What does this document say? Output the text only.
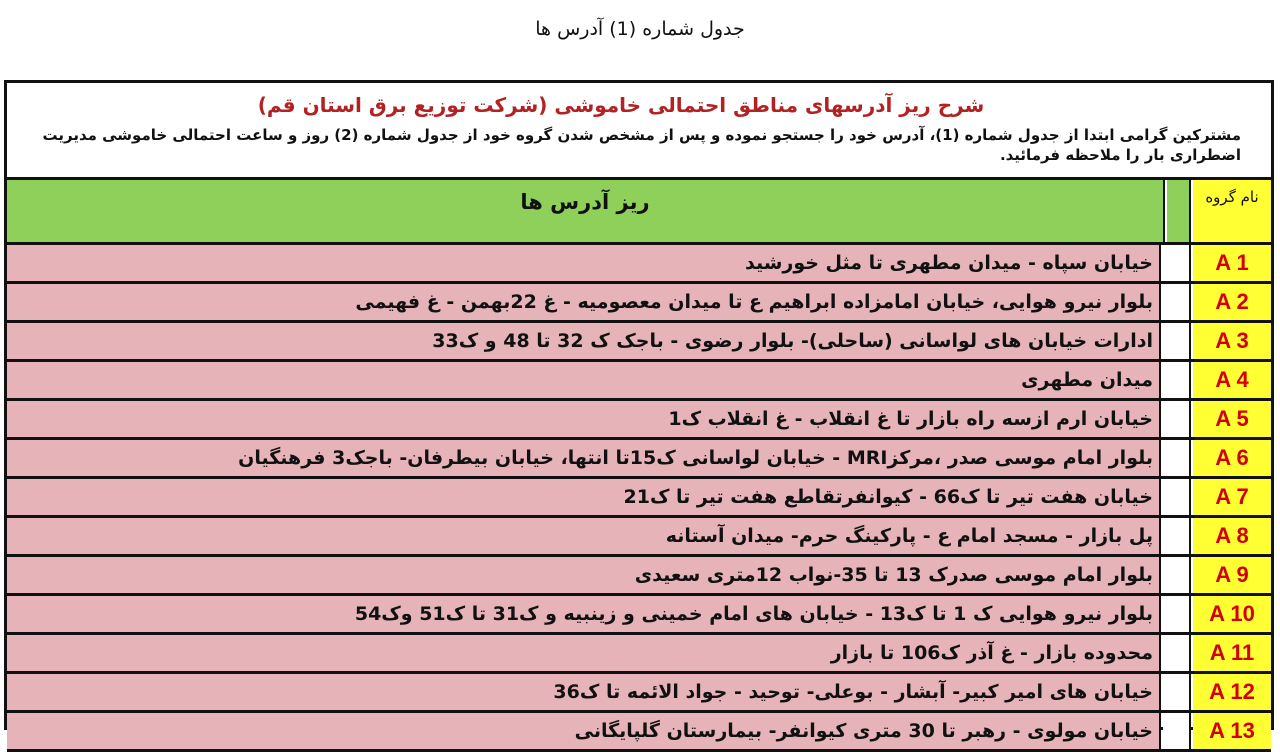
جدول شماره (1) آدرس ها
شرح ریز آدرسهای مناطق احتمالی خاموشی (شرکت توزیع برق استان قم)
مشترکین گرامی ابتدا از جدول شماره (1)، آدرس خود را جستجو نموده و پس از مشخص شدن گروه خود از جدول شماره (2) روز و ساعت احتمالی خاموشی مدیریت اضطراری بار را ملاحظه فرمائید.
ریز آدرس ها	نام گروه
خیابان سپاه - میدان مطهری تا مثل خورشید	A 1
بلوار نیرو هوایی، خیابان امامزاده ابراهیم ع تا میدان معصومیه - غ 22بهمن - غ فهیمی	A 2
ادارات خیابان های لواسانی (ساحلی)- بلوار رضوی - باجک ک 32 تا 48 و ک33	A 3
میدان مطهری	A 4
خیابان ارم ازسه راه بازار تا غ انقلاب - غ انقلاب ک1	A 5
بلوار امام موسی صدر ،مرکزMRI - خیابان لواسانی ک15تا انتها، خیابان بیطرفان- باجک3 فرهنگیان	A 6
خیابان هفت تیر تا ک66 - کیوانفرتقاطع هفت تیر تا ک21	A 7
پل بازار - مسجد امام ع - پارکینگ حرم- میدان آستانه	A 8
بلوار امام موسی صدرک 13 تا 35-نواب 12متری سعیدی	A 9
بلوار نیرو هوایی ک 1 تا ک13 - خیابان های امام خمینی و زینبیه و ک31 تا ک51 وک54	A 10
محدوده بازار - غ آذر ک106 تا بازار	A 11
خیابان های امیر کبیر- آبشار - بوعلی- توحید - جواد الائمه تا ک36	A 12
خیابان مولوی - رهبر تا 30 متری کیوانفر- بیمارستان گلپایگانی	A 13
